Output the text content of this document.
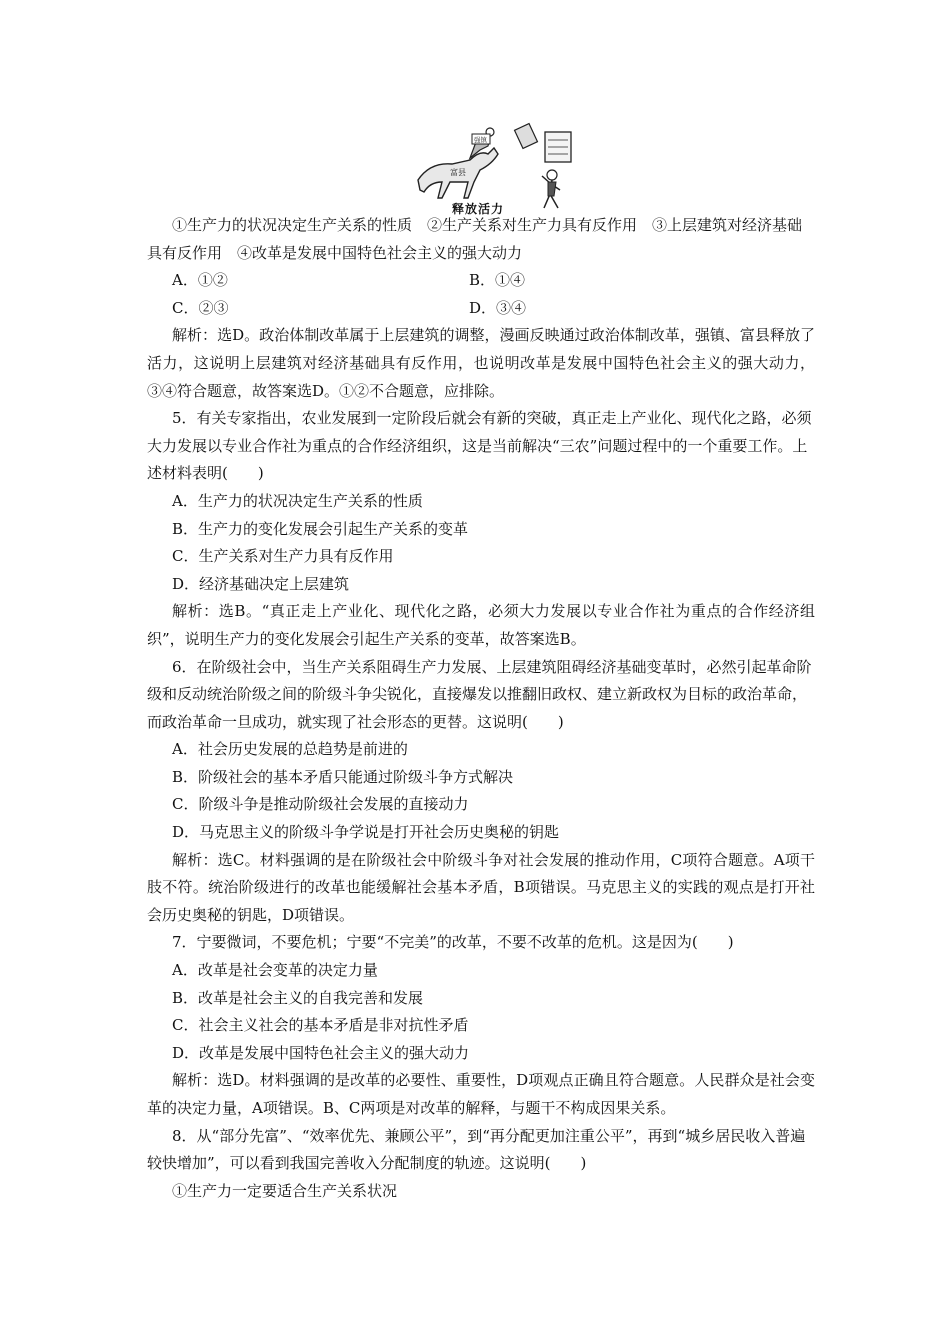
富县
强镇
释放活力

①生产力的状况决定生产关系的性质　②生产关系对生产力具有反作用　③上层建筑对经济基础具有反作用　④改革是发展中国特色社会主义的强大动力

A．①②	B．①④
C．②③	D．③④

解析：选D。政治体制改革属于上层建筑的调整，漫画反映通过政治体制改革，强镇、富县释放了活力，这说明上层建筑对经济基础具有反作用，也说明改革是发展中国特色社会主义的强大动力，③④符合题意，故答案选D。①②不合题意，应排除。

5．有关专家指出，农业发展到一定阶段后就会有新的突破，真正走上产业化、现代化之路，必须大力发展以专业合作社为重点的合作经济组织，这是当前解决“三农”问题过程中的一个重要工作。上述材料表明(　　)

A．生产力的状况决定生产关系的性质

B．生产力的变化发展会引起生产关系的变革

C．生产关系对生产力具有反作用

D．经济基础决定上层建筑

解析：选B。“真正走上产业化、现代化之路，必须大力发展以专业合作社为重点的合作经济组织”，说明生产力的变化发展会引起生产关系的变革，故答案选B。

6．在阶级社会中，当生产关系阻碍生产力发展、上层建筑阻碍经济基础变革时，必然引起革命阶级和反动统治阶级之间的阶级斗争尖锐化，直接爆发以推翻旧政权、建立新政权为目标的政治革命，而政治革命一旦成功，就实现了社会形态的更替。这说明(　　)

A．社会历史发展的总趋势是前进的

B．阶级社会的基本矛盾只能通过阶级斗争方式解决

C．阶级斗争是推动阶级社会发展的直接动力

D．马克思主义的阶级斗争学说是打开社会历史奥秘的钥匙

解析：选C。材料强调的是在阶级社会中阶级斗争对社会发展的推动作用，C项符合题意。A项干肢不符。统治阶级进行的改革也能缓解社会基本矛盾，B项错误。马克思主义的实践的观点是打开社会历史奥秘的钥匙，D项错误。

7．宁要微词，不要危机；宁要“不完美”的改革，不要不改革的危机。这是因为(　　)

A．改革是社会变革的决定力量

B．改革是社会主义的自我完善和发展

C．社会主义社会的基本矛盾是非对抗性矛盾

D．改革是发展中国特色社会主义的强大动力

解析：选D。材料强调的是改革的必要性、重要性，D项观点正确且符合题意。人民群众是社会变革的决定力量，A项错误。B、C两项是对改革的解释，与题干不构成因果关系。

8．从“部分先富”、“效率优先、兼顾公平”，到“再分配更加注重公平”，再到“城乡居民收入普遍较快增加”，可以看到我国完善收入分配制度的轨迹。这说明(　　)

①生产力一定要适合生产关系状况
